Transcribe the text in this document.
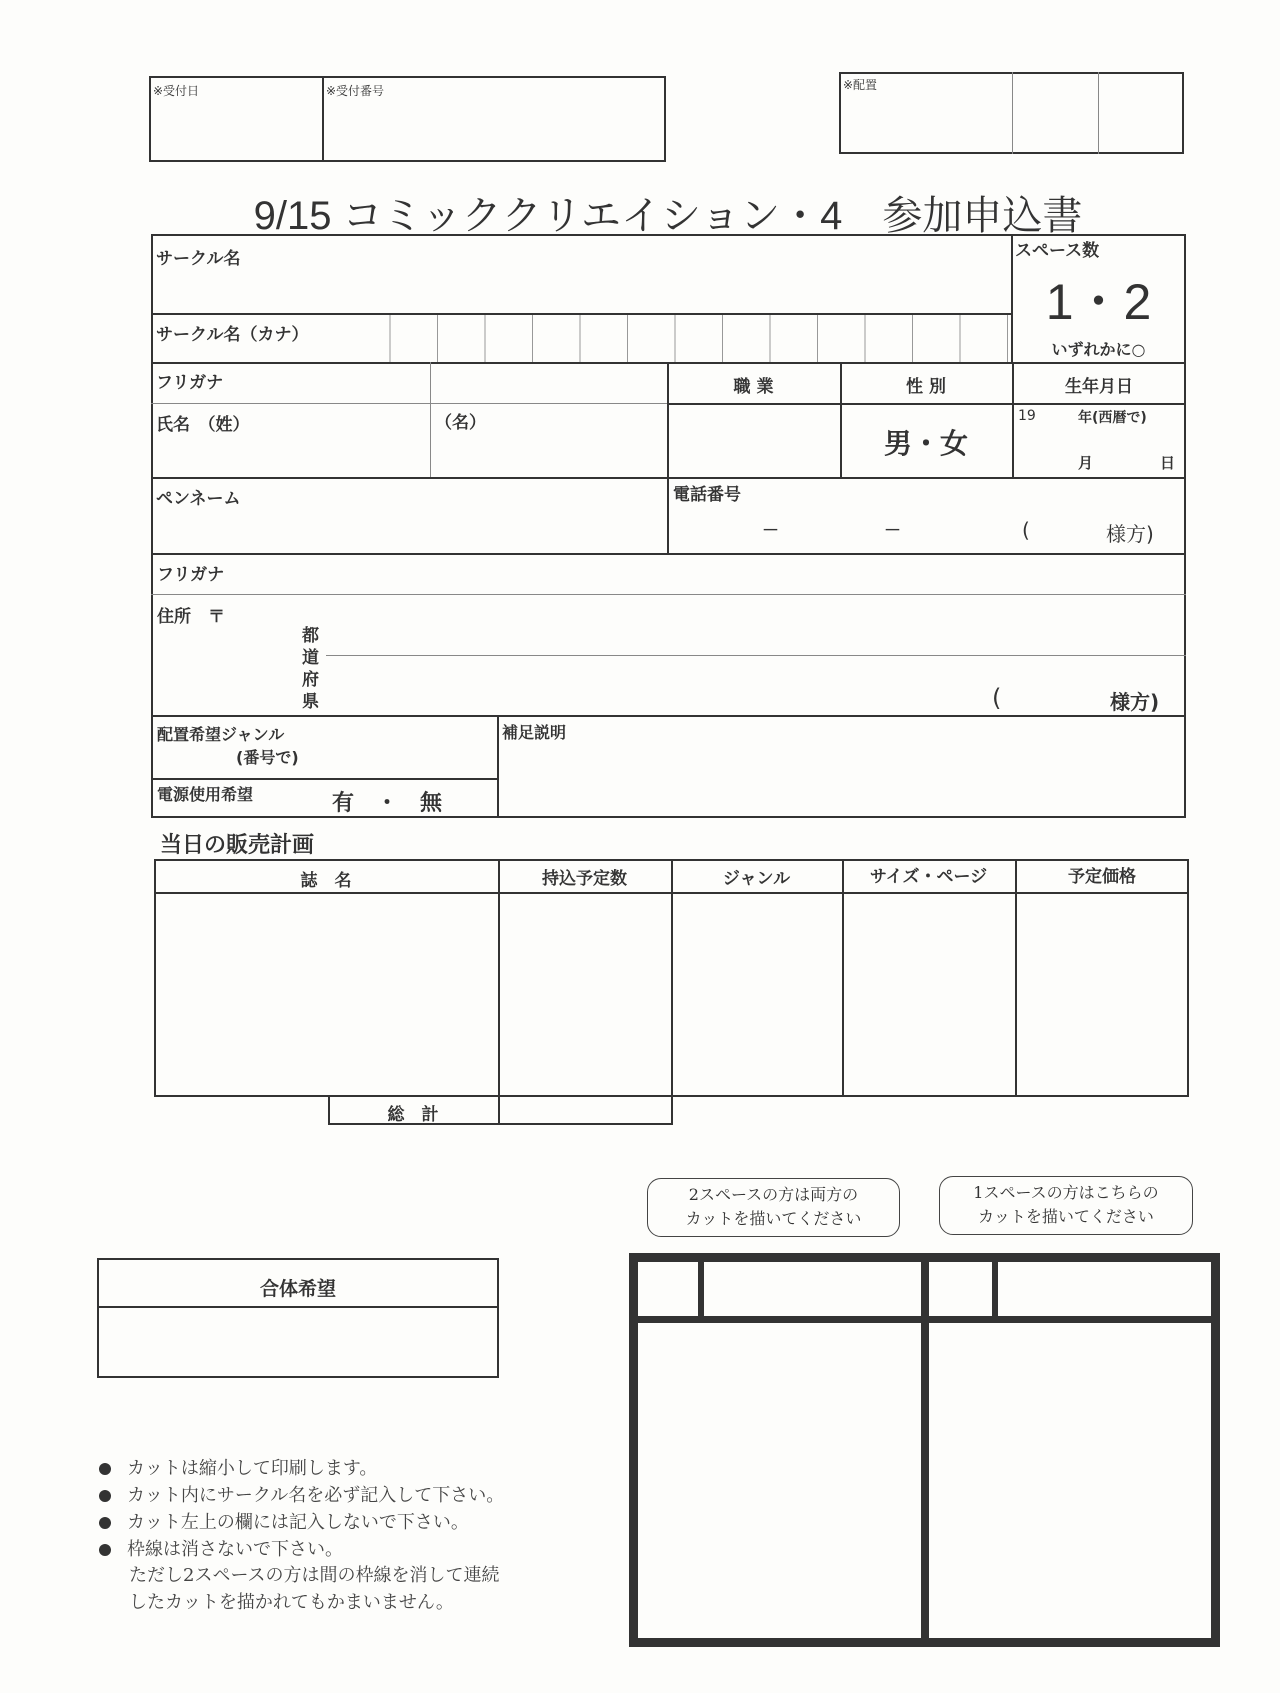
※受付日	※受付番号	※配置
9/15 コミッククリエイション・4　参加申込書
サークル名
サークル名（カナ）
スペース数
1・2
いずれかに○
フリガナ
氏名　（姓）	（名）
職 業	性 別	生年月日
男・女
19	年(西暦で)
月	日
ペンネーム	電話番号
－	－	(	様方)
フリガナ
住所　〒
都道府県	(	様方)
配置希望ジャンル
(番号で)
補足説明
電源使用希望	有　・　無
当日の販売計画
誌　名	持込予定数	ジャンル	サイズ・ページ	予定価格
総　計
合体希望
2スペースの方は両方の
カットを描いてください
1スペースの方はこちらの
カットを描いてください
カットは縮小して印刷します。
カット内にサークル名を必ず記入して下さい。
カット左上の欄には記入しないで下さい。
枠線は消さないで下さい。
ただし2スペースの方は間の枠線を消して連続
したカットを描かれてもかまいません。
